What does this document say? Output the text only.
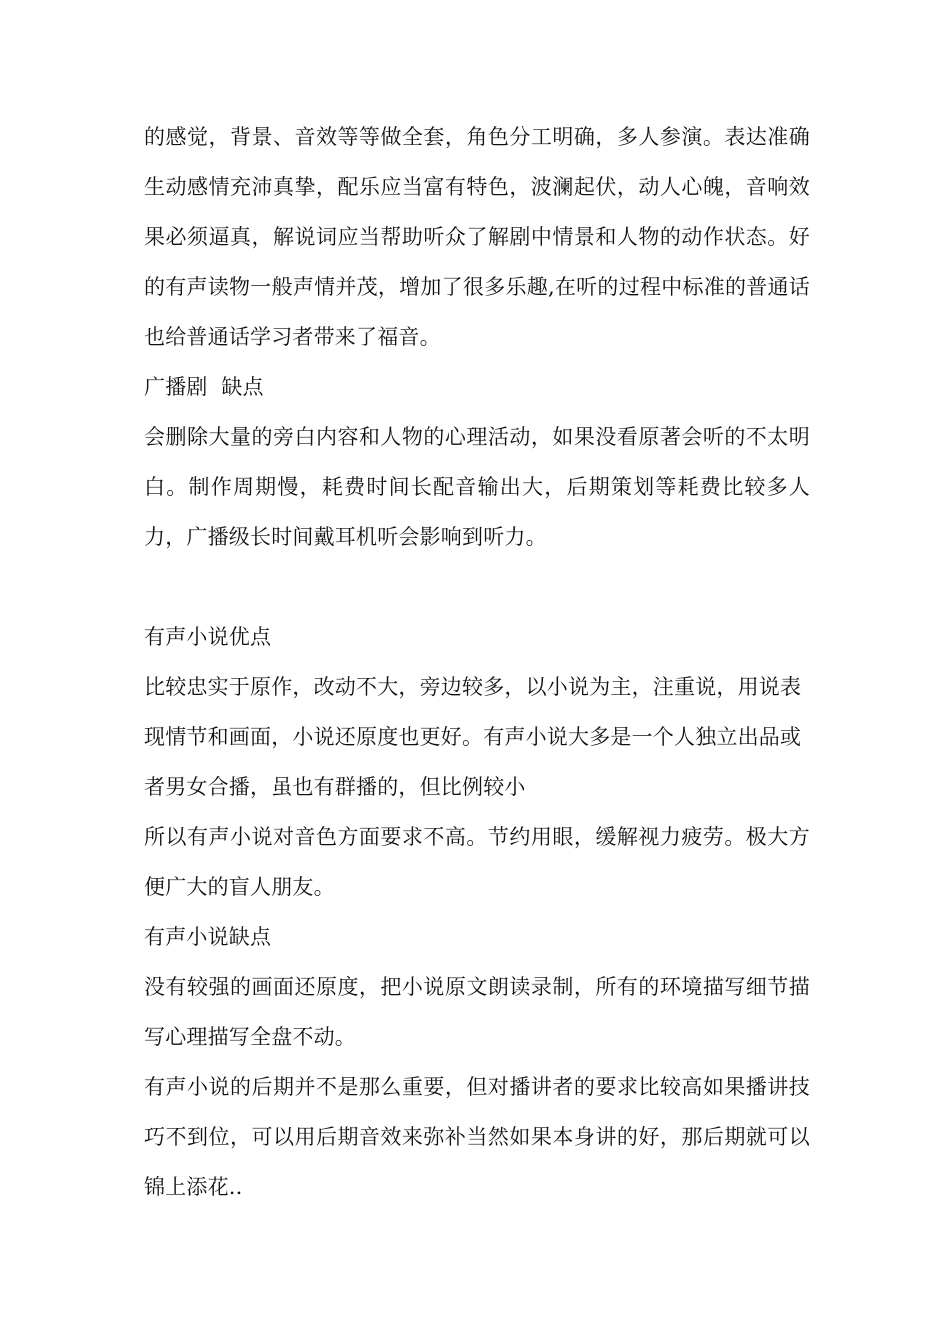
的感觉，背景、音效等等做全套，角色分工明确，多人参演。表达准确生动感情充沛真挚，配乐应当富有特色，波澜起伏，动人心魄，音响效果必须逼真，解说词应当帮助听众了解剧中情景和人物的动作状态。好的有声读物一般声情并茂，增加了很多乐趣,在听的过程中标准的普通话也给普通话学习者带来了福音。

广播剧  缺点

会删除大量的旁白内容和人物的心理活动，如果没看原著会听的不太明白。制作周期慢，耗费时间长配音输出大，后期策划等耗费比较多人力，广播级长时间戴耳机听会影响到听力。

有声小说优点

比较忠实于原作，改动不大，旁边较多，以小说为主，注重说，用说表现情节和画面，小说还原度也更好。有声小说大多是一个人独立出品或者男女合播，虽也有群播的，但比例较小

所以有声小说对音色方面要求不高。节约用眼，缓解视力疲劳。极大方便广大的盲人朋友。

有声小说缺点

没有较强的画面还原度，把小说原文朗读录制，所有的环境描写细节描写心理描写全盘不动。

有声小说的后期并不是那么重要，但对播讲者的要求比较高如果播讲技巧不到位，可以用后期音效来弥补当然如果本身讲的好，那后期就可以锦上添花..
